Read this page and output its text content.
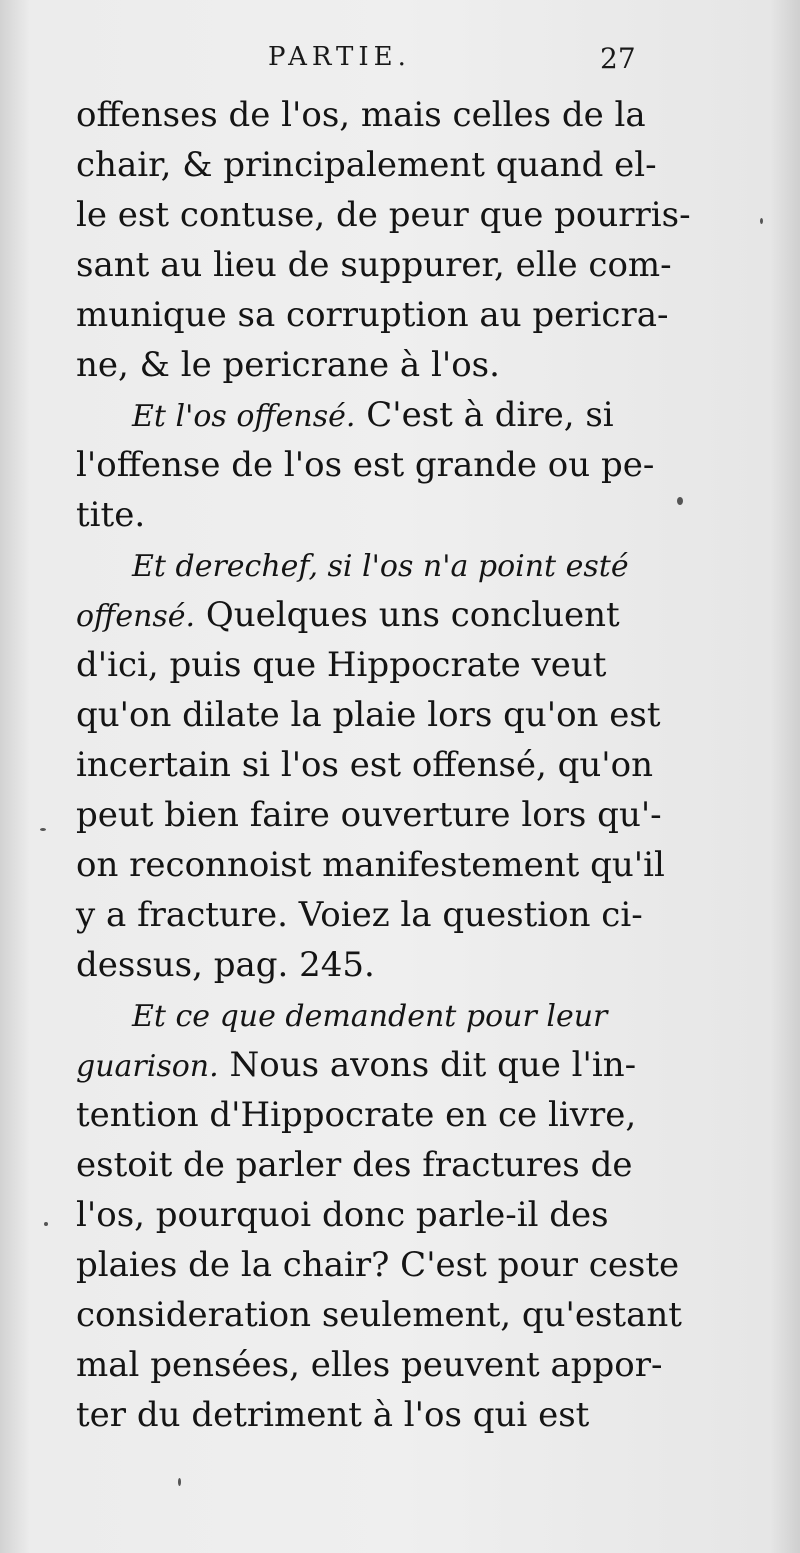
PARTIE.	27
offenses de l'os, mais celles de la
chair, & principalement quand el-
le est contuse, de peur que pourris-
sant au lieu de suppurer, elle com-
munique sa corruption au pericra-
ne, & le pericrane à l'os.
Et l'os offensé. C'est à dire, si
l'offense de l'os est grande ou pe-
tite.
Et derechef, si l'os n'a point esté
offensé. Quelques uns concluent
d'ici, puis que Hippocrate veut
qu'on dilate la plaie lors qu'on est
incertain si l'os est offensé, qu'on
peut bien faire ouverture lors qu'-
on reconnoist manifestement qu'il
y a fracture. Voiez la question ci-
dessus, pag. 245.
Et ce que demandent pour leur
guarison. Nous avons dit que l'in-
tention d'Hippocrate en ce livre,
estoit de parler des fractures de
l'os, pourquoi donc parle-il des
plaies de la chair? C'est pour ceste
consideration seulement, qu'estant
mal pensées, elles peuvent appor-
ter du detriment à l'os qui est
